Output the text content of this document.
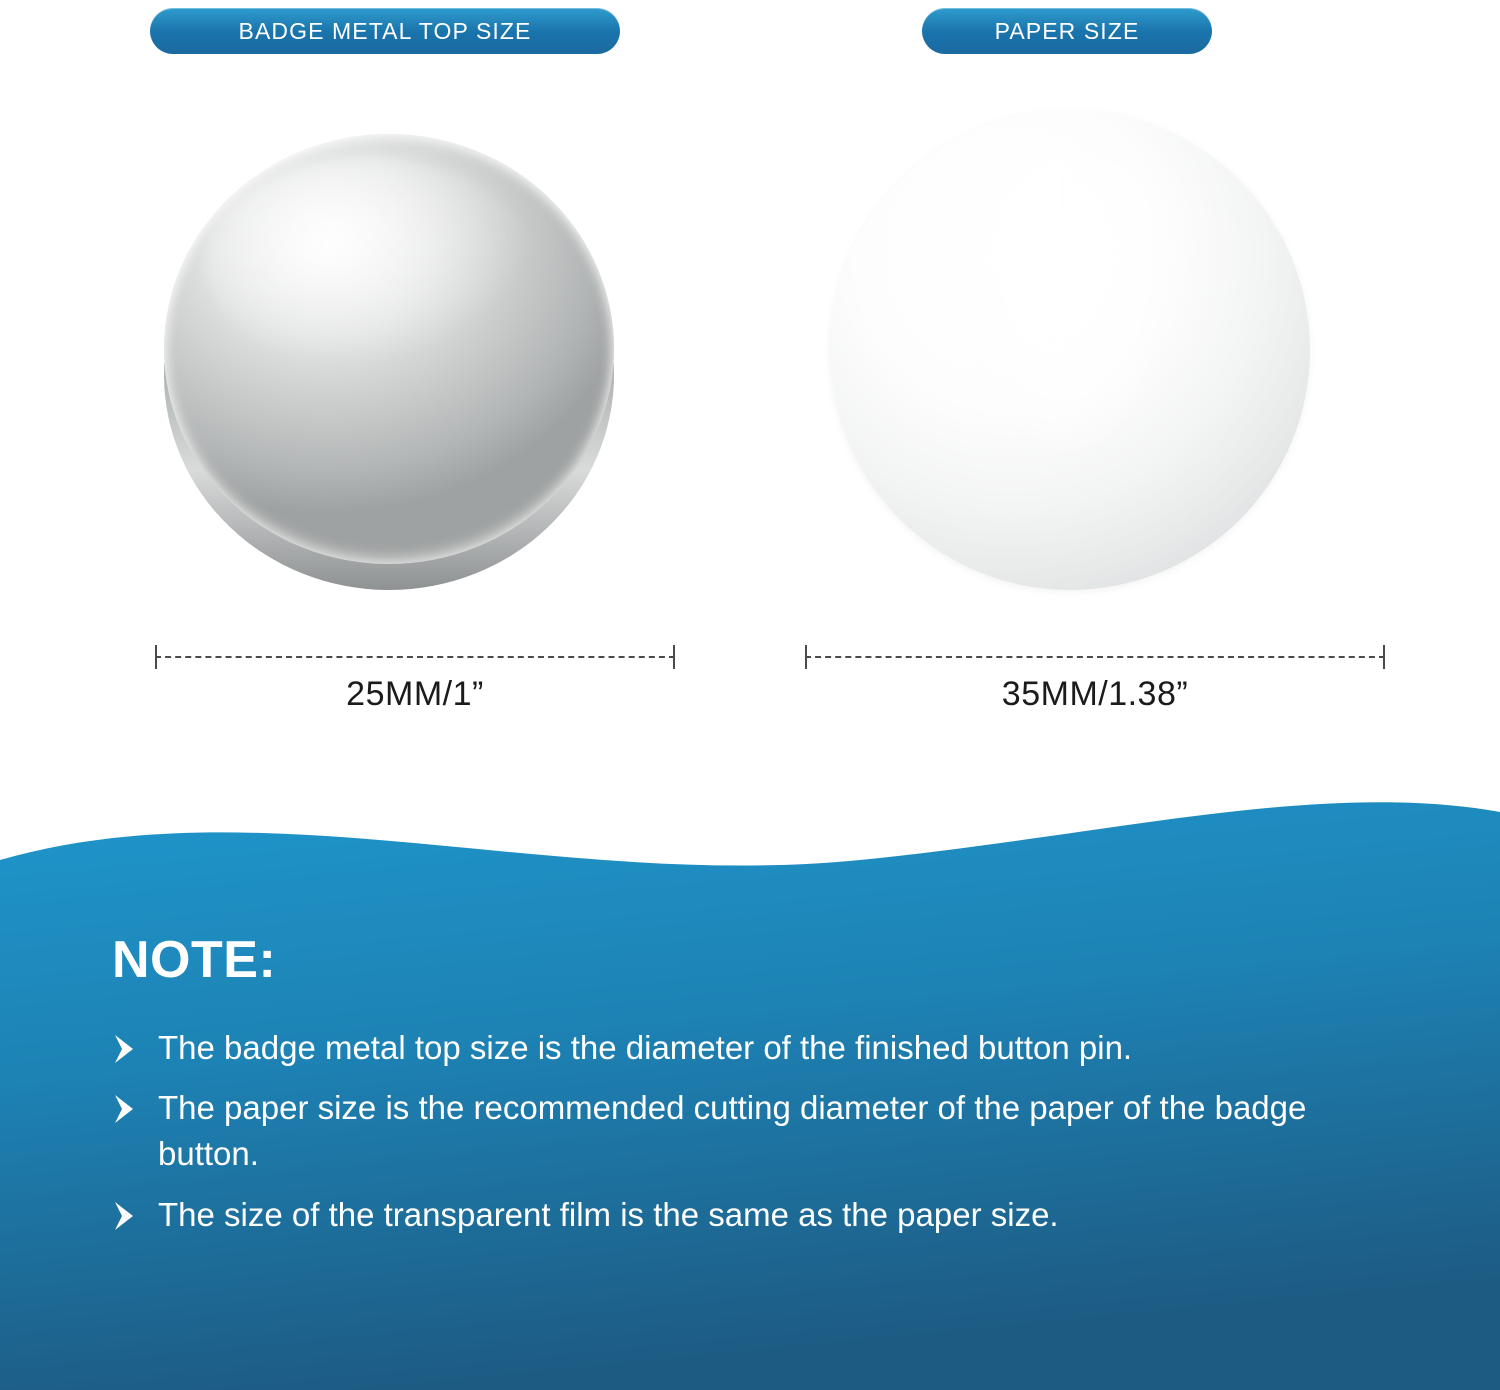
BADGE METAL TOP SIZE
25MM/1”
PAPER SIZE
35MM/1.38”
NOTE:
The badge metal top size is the diameter of the finished button pin.
The paper size is the recommended cutting diameter of the paper of the badge button.
The size of the transparent film is the same as the paper size.
